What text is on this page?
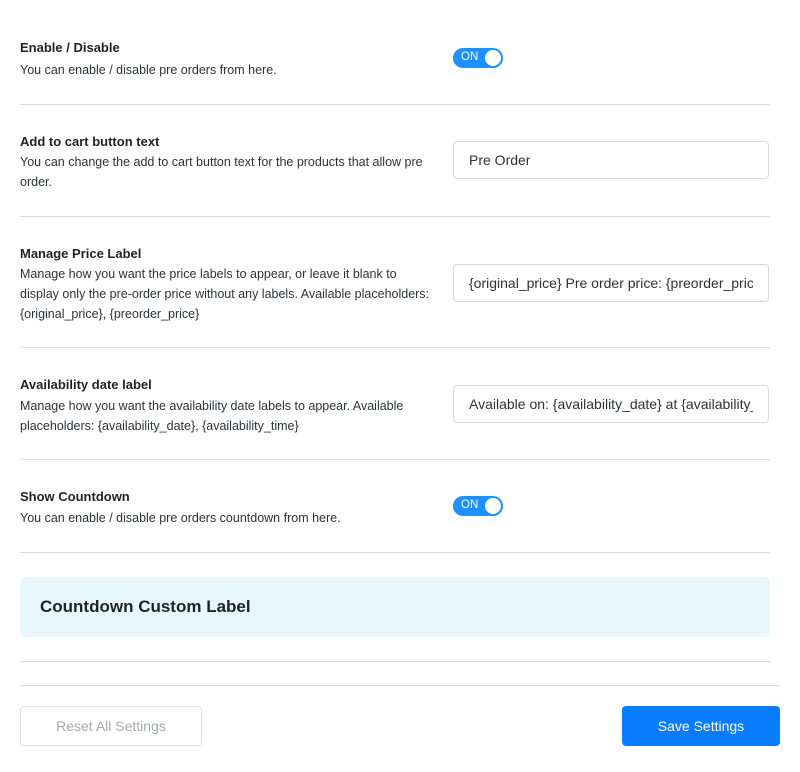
Enable / Disable
You can enable / disable pre orders from here.
ON
Add to cart button text
You can change the add to cart button text for the products that allow pre order.
Pre Order
Manage Price Label
Manage how you want the price labels to appear, or leave it blank to display only the pre-order price without any labels. Available placeholders: {original_price}, {preorder_price}
{original_price} Pre order price: {preorder_price}
Availability date label
Manage how you want the availability date labels to appear. Available placeholders: {availability_date}, {availability_time}
Available on: {availability_date} at {availability_time}
Show Countdown
You can enable / disable pre orders countdown from here.
ON
Countdown Custom Label
Reset All Settings	Save Settings
